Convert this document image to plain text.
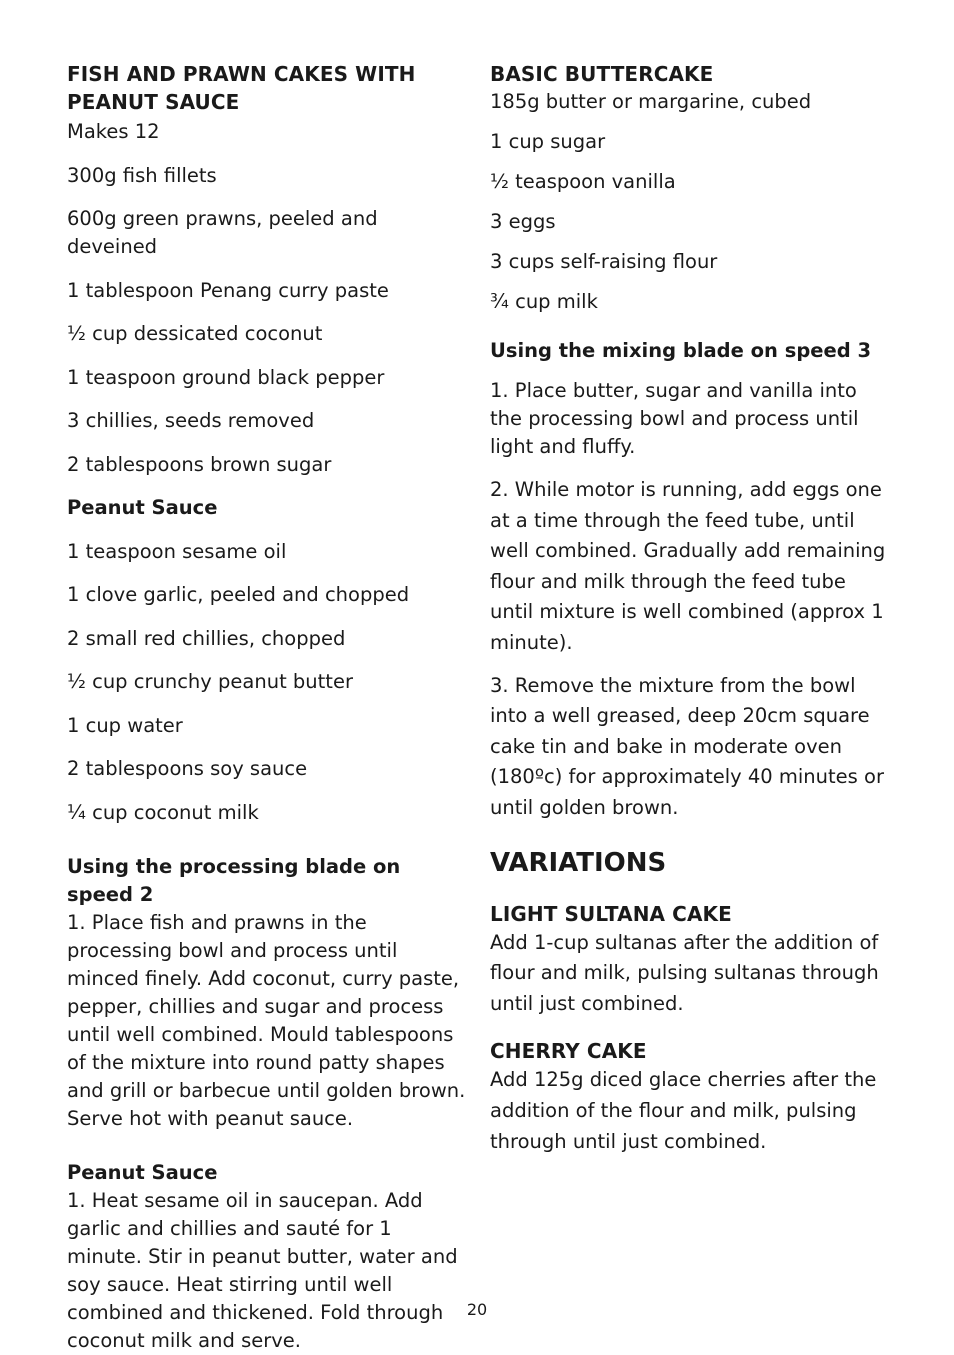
FISH AND PRAWN CAKES WITH PEANUT SAUCE

Makes 12

300g fish fillets

600g green prawns, peeled and deveined

1 tablespoon Penang curry paste

½ cup dessicated coconut

1 teaspoon ground black pepper

3 chillies, seeds removed

2 tablespoons brown sugar

Peanut Sauce

1 teaspoon sesame oil

1 clove garlic, peeled and chopped

2 small red chillies, chopped

½ cup crunchy peanut butter

1 cup water

2 tablespoons soy sauce

¼ cup coconut milk

Using the processing blade on speed 2

1. Place fish and prawns in the processing bowl and process until minced finely. Add coconut, curry paste, pepper, chillies and sugar and process until well combined. Mould tablespoons of the mixture into round patty shapes and grill or barbecue until golden brown. Serve hot with peanut sauce.

Peanut Sauce

1. Heat sesame oil in saucepan. Add garlic and chillies and sauté for 1 minute. Stir in peanut butter, water and soy sauce. Heat stirring until well combined and thickened. Fold through coconut milk and serve.

BASIC BUTTERCAKE

185g butter or margarine, cubed

1 cup sugar

½ teaspoon vanilla

3 eggs

3 cups self-raising flour

¾ cup milk

Using the mixing blade on speed 3

1. Place butter, sugar and vanilla into the processing bowl and process until light and fluffy.

2. While motor is running, add eggs one at a time through the feed tube, until well combined. Gradually add remaining flour and milk through the feed tube until mixture is well combined (approx 1 minute).

3. Remove the mixture from the bowl into a well greased, deep 20cm square cake tin and bake in moderate oven (180ºc) for approximately 40 minutes or until golden brown.

VARIATIONS

LIGHT SULTANA CAKE

Add 1-cup sultanas after the addition of flour and milk, pulsing sultanas through until just combined.

CHERRY CAKE

Add 125g diced glace cherries after the addition of the flour and milk, pulsing through until just combined.

20
